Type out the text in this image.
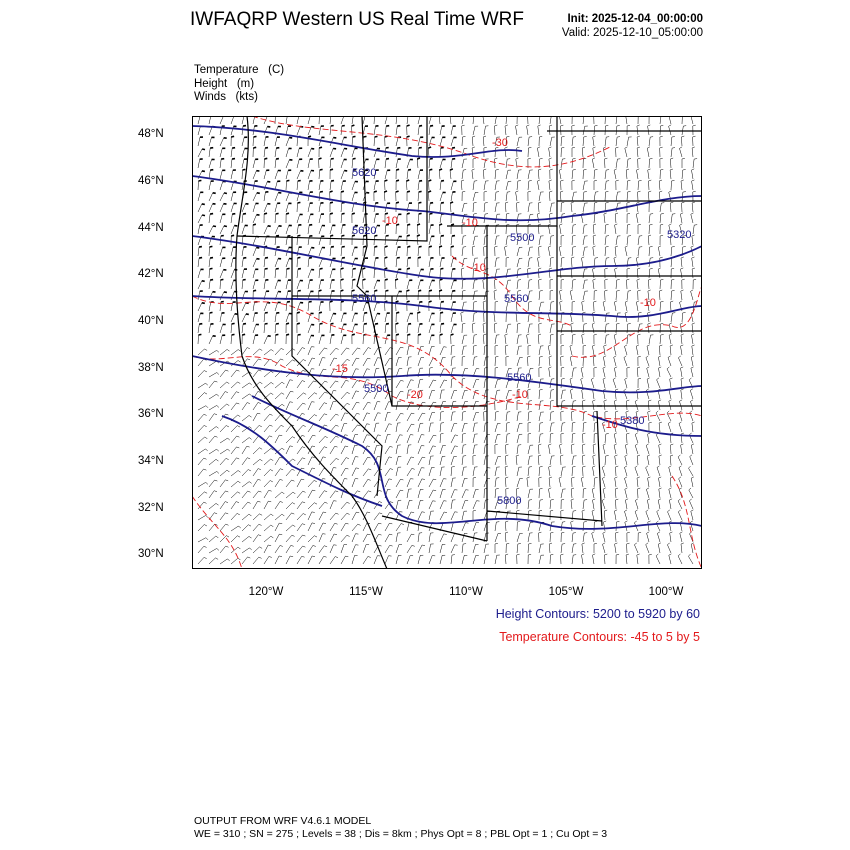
IWFAQRP Western US Real Time WRF	Init: 2025-12-04_00:00:00
Valid: 2025-12-10_05:00:00
Temperature (C)
Height (m)
Winds (kts)
5620
5620
5560	5560
5500
5560
5500
5380
5320
5800
-30
-15
-20	-10
-10
-10
-10
-10	-10
48°N
46°N
44°N
42°N
40°N
38°N
36°N
34°N
32°N
30°N
120°W	115°W	110°W	105°W	100°W
Height Contours: 5200 to 5920 by 60
Temperature Contours: -45 to 5 by 5
OUTPUT FROM WRF V4.6.1 MODEL
WE = 310 ; SN = 275 ; Levels = 38 ; Dis = 8km ; Phys Opt = 8 ; PBL Opt = 1 ; Cu Opt = 3
